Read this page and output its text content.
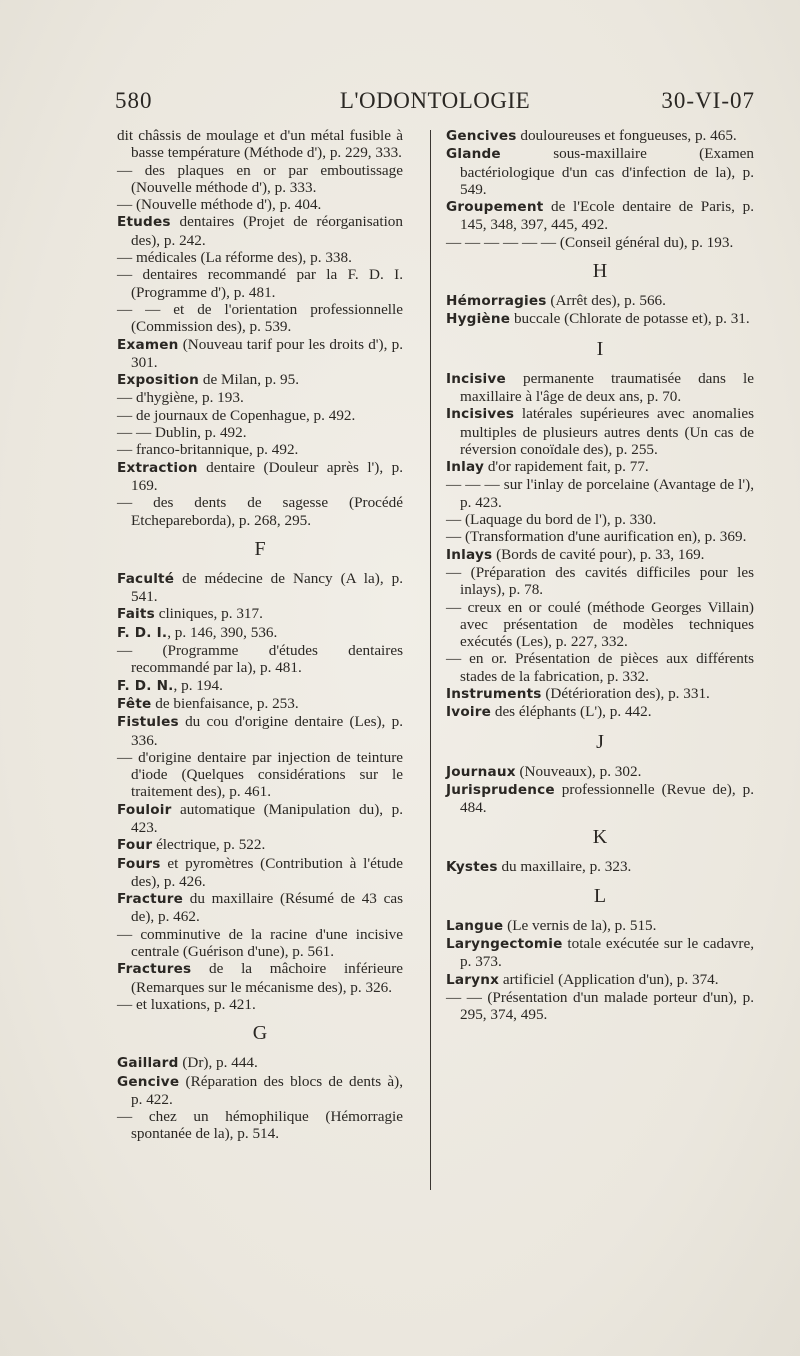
580	L'ODONTOLOGIE	30-VI-07

dit châssis de moulage et d'un métal fusible à basse température (Méthode d'), p. 229, 333.

— des plaques en or par emboutissage (Nouvelle méthode d'), p. 333.

— (Nouvelle méthode d'), p. 404.

Etudes dentaires (Projet de réorganisation des), p. 242.

— médicales (La réforme des), p. 338.

— dentaires recommandé par la F. D. I. (Programme d'), p. 481.

— — et de l'orientation professionnelle (Commission des), p. 539.

Examen (Nouveau tarif pour les droits d'), p. 301.

Exposition de Milan, p. 95.

— d'hygiène, p. 193.

— de journaux de Copenhague, p. 492.

— — Dublin, p. 492.

— franco-britannique, p. 492.

Extraction dentaire (Douleur après l'), p. 169.

— des dents de sagesse (Procédé Etchepareborda), p. 268, 295.

F

Faculté de médecine de Nancy (A la), p. 541.

Faits cliniques, p. 317.

F. D. I., p. 146, 390, 536.

— (Programme d'études dentaires recommandé par la), p. 481.

F. D. N., p. 194.

Fête de bienfaisance, p. 253.

Fistules du cou d'origine dentaire (Les), p. 336.

— d'origine dentaire par injection de teinture d'iode (Quelques considérations sur le traitement des), p. 461.

Fouloir automatique (Manipulation du), p. 423.

Four électrique, p. 522.

Fours et pyromètres (Contribution à l'étude des), p. 426.

Fracture du maxillaire (Résumé de 43 cas de), p. 462.

— comminutive de la racine d'une incisive centrale (Guérison d'une), p. 561.

Fractures de la mâchoire inférieure (Remarques sur le mécanisme des), p. 326.

— et luxations, p. 421.

G

Gaillard (Dr), p. 444.

Gencive (Réparation des blocs de dents à), p. 422.

— chez un hémophilique (Hémorragie spontanée de la), p. 514.

Gencives douloureuses et fongueuses, p. 465.

Glande sous-maxillaire (Examen bactériologique d'un cas d'infection de la), p. 549.

Groupement de l'Ecole dentaire de Paris, p. 145, 348, 397, 445, 492.

— — — — — — (Conseil général du), p. 193.

H

Hémorragies (Arrêt des), p. 566.

Hygiène buccale (Chlorate de potasse et), p. 31.

I

Incisive permanente traumatisée dans le maxillaire à l'âge de deux ans, p. 70.

Incisives latérales supérieures avec anomalies multiples de plusieurs autres dents (Un cas de réversion conoïdale des), p. 255.

Inlay d'or rapidement fait, p. 77.

— — — sur l'inlay de porcelaine (Avantage de l'), p. 423.

— (Laquage du bord de l'), p. 330.

— (Transformation d'une aurification en), p. 369.

Inlays (Bords de cavité pour), p. 33, 169.

— (Préparation des cavités difficiles pour les inlays), p. 78.

— creux en or coulé (méthode Georges Villain) avec présentation de modèles techniques exécutés (Les), p. 227, 332.

— en or. Présentation de pièces aux différents stades de la fabrication, p. 332.

Instruments (Détérioration des), p. 331.

Ivoire des éléphants (L'), p. 442.

J

Journaux (Nouveaux), p. 302.

Jurisprudence professionnelle (Revue de), p. 484.

K

Kystes du maxillaire, p. 323.

L

Langue (Le vernis de la), p. 515.

Laryngectomie totale exécutée sur le cadavre, p. 373.

Larynx artificiel (Application d'un), p. 374.

— — (Présentation d'un malade porteur d'un), p. 295, 374, 495.
